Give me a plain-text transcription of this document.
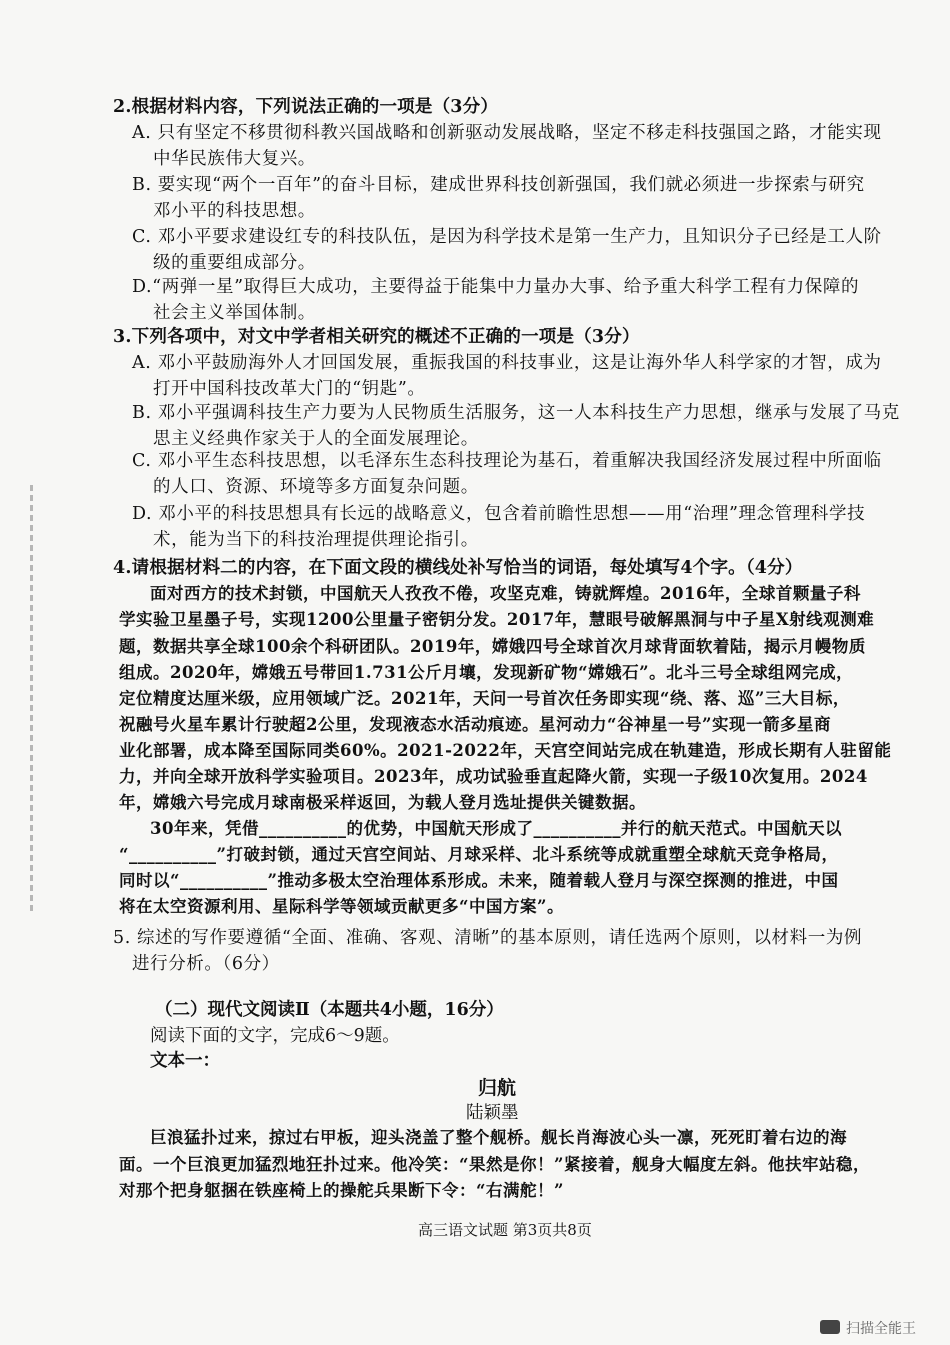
2.根据材料内容，下列说法正确的一项是（3分）
A. 只有坚定不移贯彻科教兴国战略和创新驱动发展战略，坚定不移走科技强国之路，才能实现
中华民族伟大复兴。
B. 要实现“两个一百年”的奋斗目标，建成世界科技创新强国，我们就必须进一步探索与研究
邓小平的科技思想。
C. 邓小平要求建设红专的科技队伍，是因为科学技术是第一生产力，且知识分子已经是工人阶
级的重要组成部分。
D.“两弹一星”取得巨大成功，主要得益于能集中力量办大事、给予重大科学工程有力保障的
社会主义举国体制。
3.下列各项中，对文中学者相关研究的概述不正确的一项是（3分）
A. 邓小平鼓励海外人才回国发展，重振我国的科技事业，这是让海外华人科学家的才智，成为
打开中国科技改革大门的“钥匙”。
B. 邓小平强调科技生产力要为人民物质生活服务，这一人本科技生产力思想，继承与发展了马克
思主义经典作家关于人的全面发展理论。
C. 邓小平生态科技思想，以毛泽东生态科技理论为基石，着重解决我国经济发展过程中所面临
的人口、资源、环境等多方面复杂问题。
D. 邓小平的科技思想具有长远的战略意义，包含着前瞻性思想——用“治理”理念管理科学技
术，能为当下的科技治理提供理论指引。
4.请根据材料二的内容，在下面文段的横线处补写恰当的词语，每处填写4个字。（4分）
面对西方的技术封锁，中国航天人孜孜不倦，攻坚克难，铸就辉煌。2016年，全球首颗量子科
学实验卫星墨子号，实现1200公里量子密钥分发。2017年，慧眼号破解黑洞与中子星X射线观测难
题，数据共享全球100余个科研团队。2019年，嫦娥四号全球首次月球背面软着陆，揭示月幔物质
组成。2020年，嫦娥五号带回1.731公斤月壤，发现新矿物“嫦娥石”。北斗三号全球组网完成，
定位精度达厘米级，应用领域广泛。2021年，天问一号首次任务即实现“绕、落、巡”三大目标，
祝融号火星车累计行驶超2公里，发现液态水活动痕迹。星河动力“谷神星一号”实现一箭多星商
业化部署，成本降至国际同类60%。2021-2022年，天宫空间站完成在轨建造，形成长期有人驻留能
力，并向全球开放科学实验项目。2023年，成功试验垂直起降火箭，实现一子级10次复用。2024
年，嫦娥六号完成月球南极采样返回，为载人登月选址提供关键数据。
30年来，凭借__________的优势，中国航天形成了__________并行的航天范式。中国航天以
“__________”打破封锁，通过天宫空间站、月球采样、北斗系统等成就重塑全球航天竞争格局，
同时以“__________”推动多极太空治理体系形成。未来，随着载人登月与深空探测的推进，中国
将在太空资源利用、星际科学等领域贡献更多“中国方案”。
5. 综述的写作要遵循“全面、准确、客观、清晰”的基本原则，请任选两个原则，以材料一为例
进行分析。（6分）
（二）现代文阅读Ⅱ（本题共4小题，16分）
阅读下面的文字，完成6～9题。
文本一：
归航
陆颖墨
巨浪猛扑过来，掠过右甲板，迎头浇盖了整个舰桥。舰长肖海波心头一凛，死死盯着右边的海
面。一个巨浪更加猛烈地狂扑过来。他冷笑：“果然是你！”紧接着，舰身大幅度左斜。他扶牢站稳，
对那个把身躯捆在铁座椅上的操舵兵果断下令：“右满舵！”
高三语文试题 第3页共8页
扫描全能王
